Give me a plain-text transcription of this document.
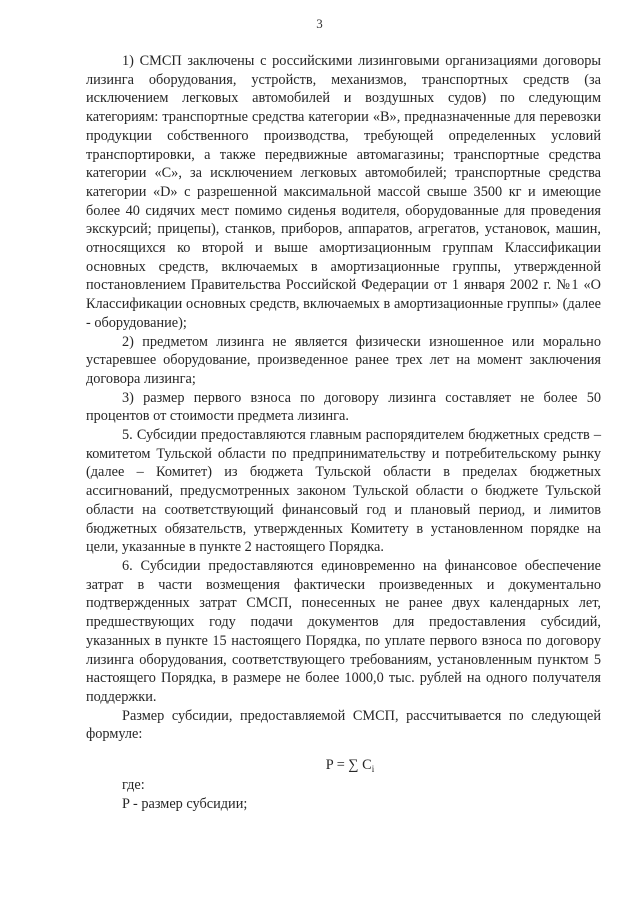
3

1) СМСП заключены с российскими лизинговыми организациями договоры лизинга оборудования, устройств, механизмов, транспортных средств (за исключением легковых автомобилей и воздушных судов) по следующим категориям: транспортные средства категории «В», предназначенные для перевозки продукции собственного производства, требующей определенных условий транспортировки, а также передвижные автомагазины; транспортные средства категории «С», за исключением легковых автомобилей; транспортные средства категории «D» с разрешенной максимальной массой свыше 3500 кг и имеющие более 40 сидячих мест помимо сиденья водителя, оборудованные для проведения экскурсий; прицепы), станков, приборов, аппаратов, агрегатов, установок, машин, относящихся ко второй и выше амортизационным группам Классификации основных средств, включаемых в амортизационные группы, утвержденной постановлением Правительства Российской Федерации от 1 января 2002 г. №1 «О Классификации основных средств, включаемых в амортизационные группы» (далее - оборудование);

2) предметом лизинга не является физически изношенное или морально устаревшее оборудование, произведенное ранее трех лет на момент заключения договора лизинга;

3) размер первого взноса по договору лизинга составляет не более 50 процентов от стоимости предмета лизинга.

5. Субсидии предоставляются главным распорядителем бюджетных средств – комитетом Тульской области по предпринимательству и потребительскому рынку (далее – Комитет) из бюджета Тульской области в пределах бюджетных ассигнований, предусмотренных законом Тульской области о бюджете Тульской области на соответствующий финансовый год и плановый период, и лимитов бюджетных обязательств, утвержденных Комитету в установленном порядке на цели, указанные в пункте 2 настоящего Порядка.

6. Субсидии предоставляются единовременно на финансовое обеспечение затрат в части возмещения фактически произведенных и документально подтвержденных затрат СМСП, понесенных не ранее двух календарных лет, предшествующих году подачи документов для предоставления субсидий, указанных в пункте 15 настоящего Порядка, по уплате первого взноса по договору лизинга оборудования, соответствующего требованиям, установленным пунктом 5 настоящего Порядка, в размере не более 1000,0 тыс. рублей на одного получателя поддержки.

Размер субсидии, предоставляемой СМСП, рассчитывается по следующей формуле:

P = ∑ $C_i$
где:
P - размер субсидии;
